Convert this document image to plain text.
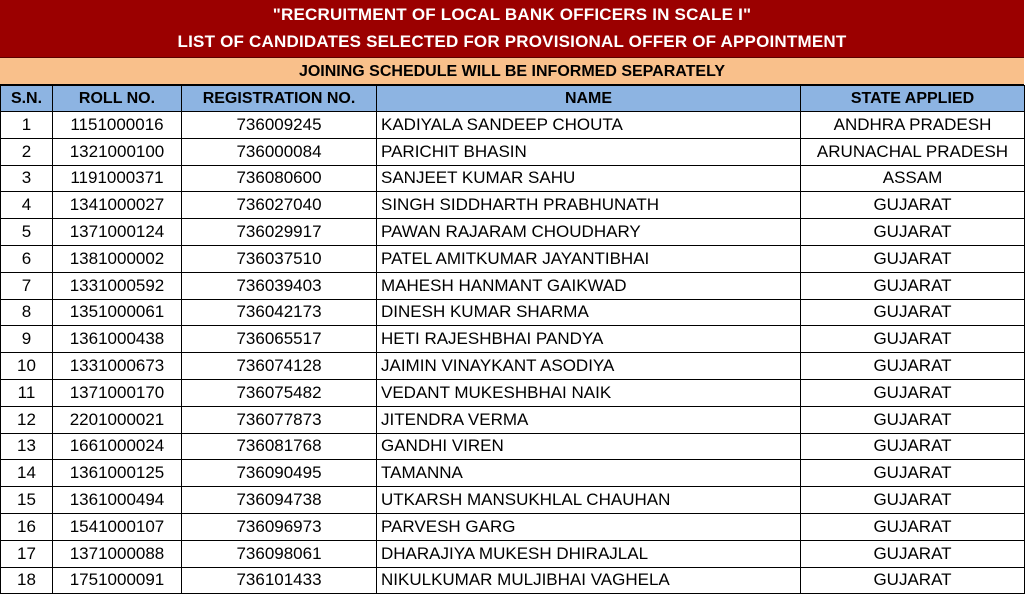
"RECRUITMENT OF LOCAL BANK OFFICERS IN SCALE I"
LIST OF CANDIDATES SELECTED FOR PROVISIONAL OFFER OF APPOINTMENT
JOINING SCHEDULE WILL BE INFORMED SEPARATELY
S.N.	ROLL NO.	REGISTRATION NO.	NAME	STATE APPLIED
1	1151000016	736009245	KADIYALA SANDEEP CHOUTA	ANDHRA PRADESH
2	1321000100	736000084	PARICHIT BHASIN	ARUNACHAL PRADESH
3	1191000371	736080600	SANJEET KUMAR SAHU	ASSAM
4	1341000027	736027040	SINGH SIDDHARTH PRABHUNATH	GUJARAT
5	1371000124	736029917	PAWAN RAJARAM CHOUDHARY	GUJARAT
6	1381000002	736037510	PATEL AMITKUMAR JAYANTIBHAI	GUJARAT
7	1331000592	736039403	MAHESH HANMANT GAIKWAD	GUJARAT
8	1351000061	736042173	DINESH KUMAR SHARMA	GUJARAT
9	1361000438	736065517	HETI RAJESHBHAI PANDYA	GUJARAT
10	1331000673	736074128	JAIMIN VINAYKANT ASODIYA	GUJARAT
11	1371000170	736075482	VEDANT MUKESHBHAI NAIK	GUJARAT
12	2201000021	736077873	JITENDRA VERMA	GUJARAT
13	1661000024	736081768	GANDHI VIREN	GUJARAT
14	1361000125	736090495	TAMANNA	GUJARAT
15	1361000494	736094738	UTKARSH MANSUKHLAL CHAUHAN	GUJARAT
16	1541000107	736096973	PARVESH GARG	GUJARAT
17	1371000088	736098061	DHARAJIYA MUKESH DHIRAJLAL	GUJARAT
18	1751000091	736101433	NIKULKUMAR MULJIBHAI VAGHELA	GUJARAT
